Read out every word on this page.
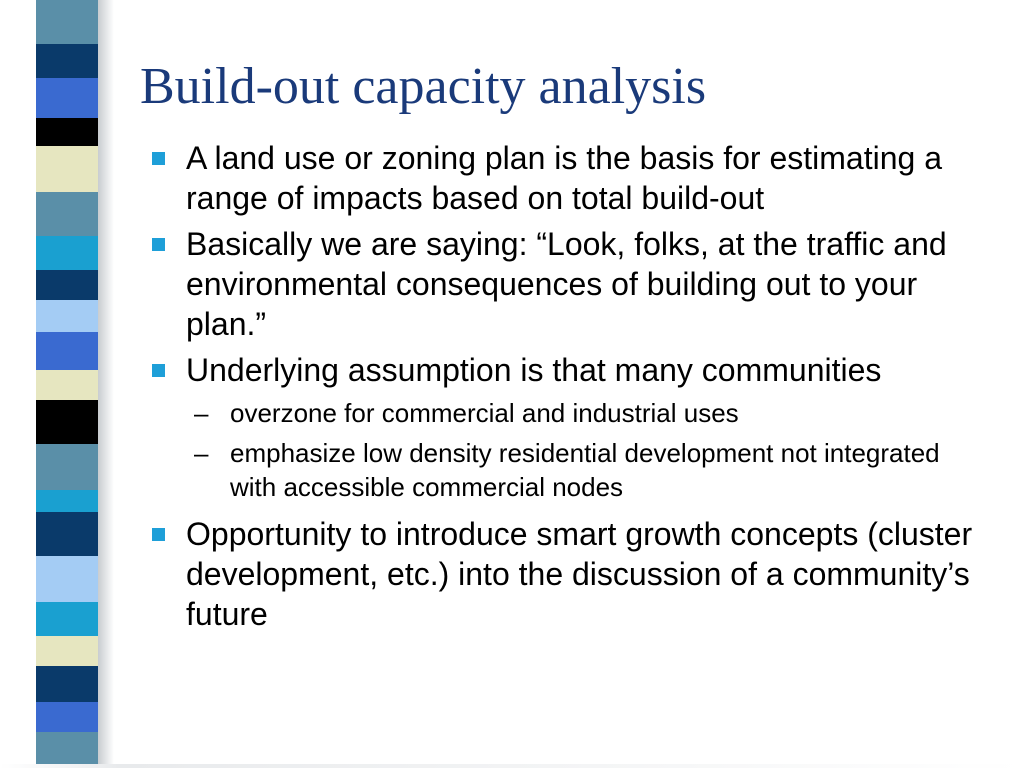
Build-out capacity analysis
A land use or zoning plan is the basis for estimating a range of impacts based on total build-out
Basically we are saying: “Look, folks, at the traffic and environmental consequences of building out to your plan.”
Underlying assumption is that many communities
– overzone for commercial and industrial uses
– emphasize low density residential development not integrated with accessible commercial nodes
Opportunity to introduce smart growth concepts (cluster development, etc.) into the discussion of a community’s future
